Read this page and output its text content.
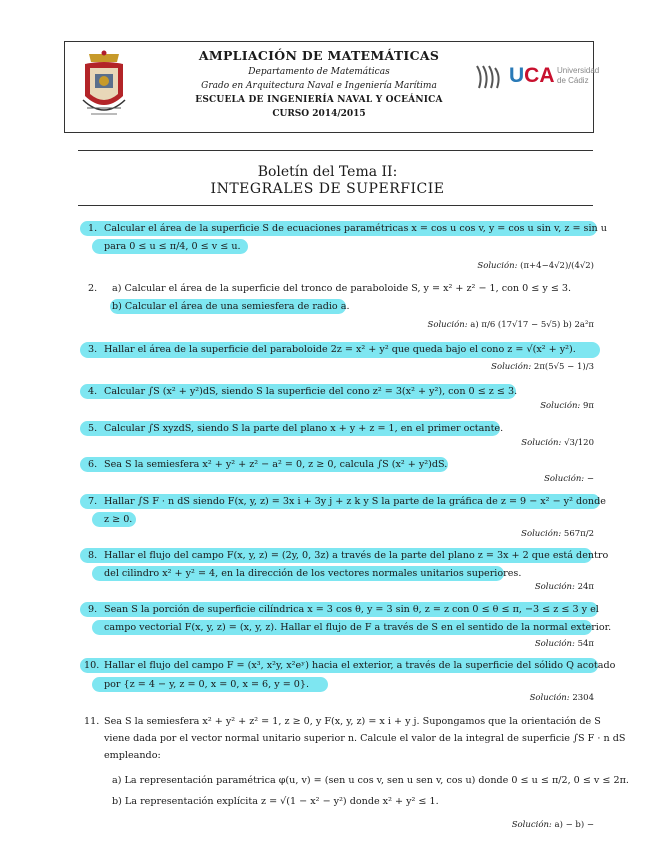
AMPLIACIÓN DE MATEMÁTICAS
Departamento de Matemáticas
Grado en Arquitectura Naval e Ingeniería Marítima
ESCUELA DE INGENIERÍA NAVAL Y OCEÁNICA
CURSO 2014/2015
UCA Universidad
de Cádiz
Boletín del Tema II:
INTEGRALES DE SUPERFICIE
1. Calcular el área de la superficie S de ecuaciones paramétricas x = cos u cos v, y = cos u sin v, z = sin u
para 0 ≤ u ≤ π/4, 0 ≤ v ≤ u.
Solución: (π+4−4√2)/(4√2)
2. a) Calcular el área de la superficie del tronco de paraboloide S, y = x² + z² − 1, con 0 ≤ y ≤ 3.
b) Calcular el área de una semiesfera de radio a.
Solución: a) π/6 (17√17 − 5√5) b) 2a²π
3. Hallar el área de la superficie del paraboloide 2z = x² + y² que queda bajo el cono z = √(x² + y²).
Solución: 2π(5√5 − 1)/3
4. Calcular ∫S (x² + y²)dS, siendo S la superficie del cono z² = 3(x² + y²), con 0 ≤ z ≤ 3.
Solución: 9π
5. Calcular ∫S xyzdS, siendo S la parte del plano x + y + z = 1, en el primer octante.
Solución: √3/120
6. Sea S la semiesfera x² + y² + z² − a² = 0, z ≥ 0, calcula ∫S (x² + y²)dS.
Solución: −
7. Hallar ∫S F · n dS siendo F(x, y, z) = 3x i + 3y j + z k y S la parte de la gráfica de z = 9 − x² − y² donde
z ≥ 0.
Solución: 567π/2
8. Hallar el flujo del campo F(x, y, z) = (2y, 0, 3z) a través de la parte del plano z = 3x + 2 que está dentro
del cilindro x² + y² = 4, en la dirección de los vectores normales unitarios superiores.
Solución: 24π
9. Sean S la porción de superficie cilíndrica x = 3 cos θ, y = 3 sin θ, z = z con 0 ≤ θ ≤ π, −3 ≤ z ≤ 3 y el
campo vectorial F(x, y, z) = (x, y, z). Hallar el flujo de F a través de S en el sentido de la normal exterior.
Solución: 54π
10. Hallar el flujo del campo F = (x³, x²y, x²eʸ) hacia el exterior, a través de la superficie del sólido Q acotado
por {z = 4 − y, z = 0, x = 0, x = 6, y = 0}.
Solución: 2304
11. Sea S la semiesfera x² + y² + z² = 1, z ≥ 0, y F(x, y, z) = x i + y j. Supongamos que la orientación de S
viene dada por el vector normal unitario superior n. Calcule el valor de la integral de superficie ∫S F · n dS
empleando:
a) La representación paramétrica φ(u, v) = (sen u cos v, sen u sen v, cos u) donde 0 ≤ u ≤ π/2, 0 ≤ v ≤ 2π.
b) La representación explícita z = √(1 − x² − y²) donde x² + y² ≤ 1.
Solución: a) − b) −
